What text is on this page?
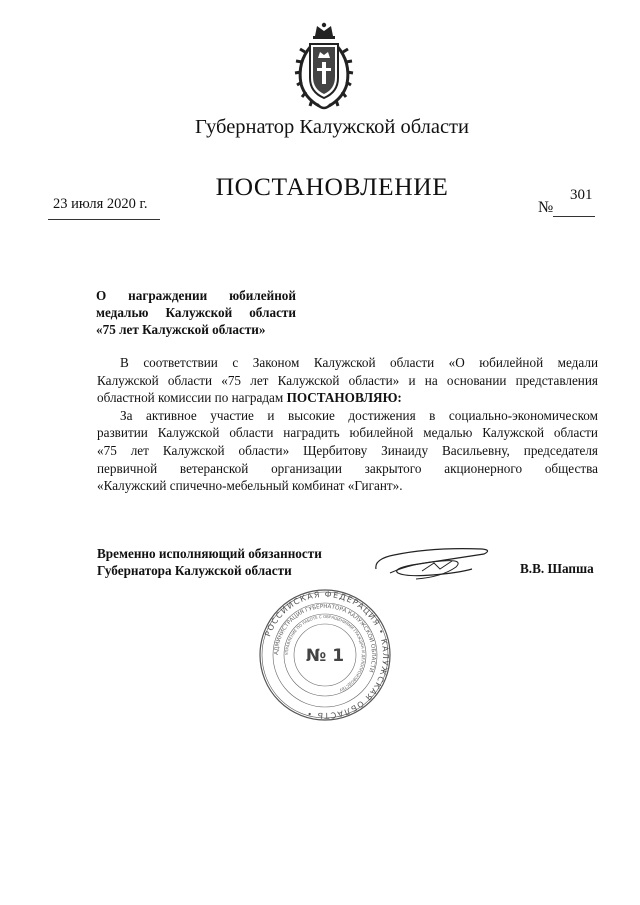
Губернатор Калужской области
ПОСТАНОВЛЕНИЕ
23 июля 2020 г.	№
301
О награждении юбилейной
медалью Калужской области
«75 лет Калужской области»
В соответствии с Законом Калужской области «О юбилейной медали
Калужской области «75 лет Калужской области» и на основании представления
областной комиссии по наградам ПОСТАНОВЛЯЮ:
За активное участие и высокие достижения в социально-экономическом
развитии Калужской области наградить юбилейной медалью Калужской области
«75 лет Калужской области» Щербитову Зинаиду Васильевну, председателя
первичной ветеранской организации закрытого акционерного общества
«Калужский спичечно-мебельный комбинат «Гигант».
Временно исполняющий обязанности
Губернатора Калужской области	В.В. Шапша
РОССИЙСКАЯ ФЕДЕРАЦИЯ • КАЛУЖСКАЯ ОБЛАСТЬ •
АДМИНИСТРАЦИЯ ГУБЕРНАТОРА КАЛУЖСКОЙ ОБЛАСТИ
УПРАВЛЕНИЕ ПО РАБОТЕ С ОБРАЩЕНИЯМИ ГРАЖДАН И ДЕЛОПРОИЗВОДСТВУ
№ 1
